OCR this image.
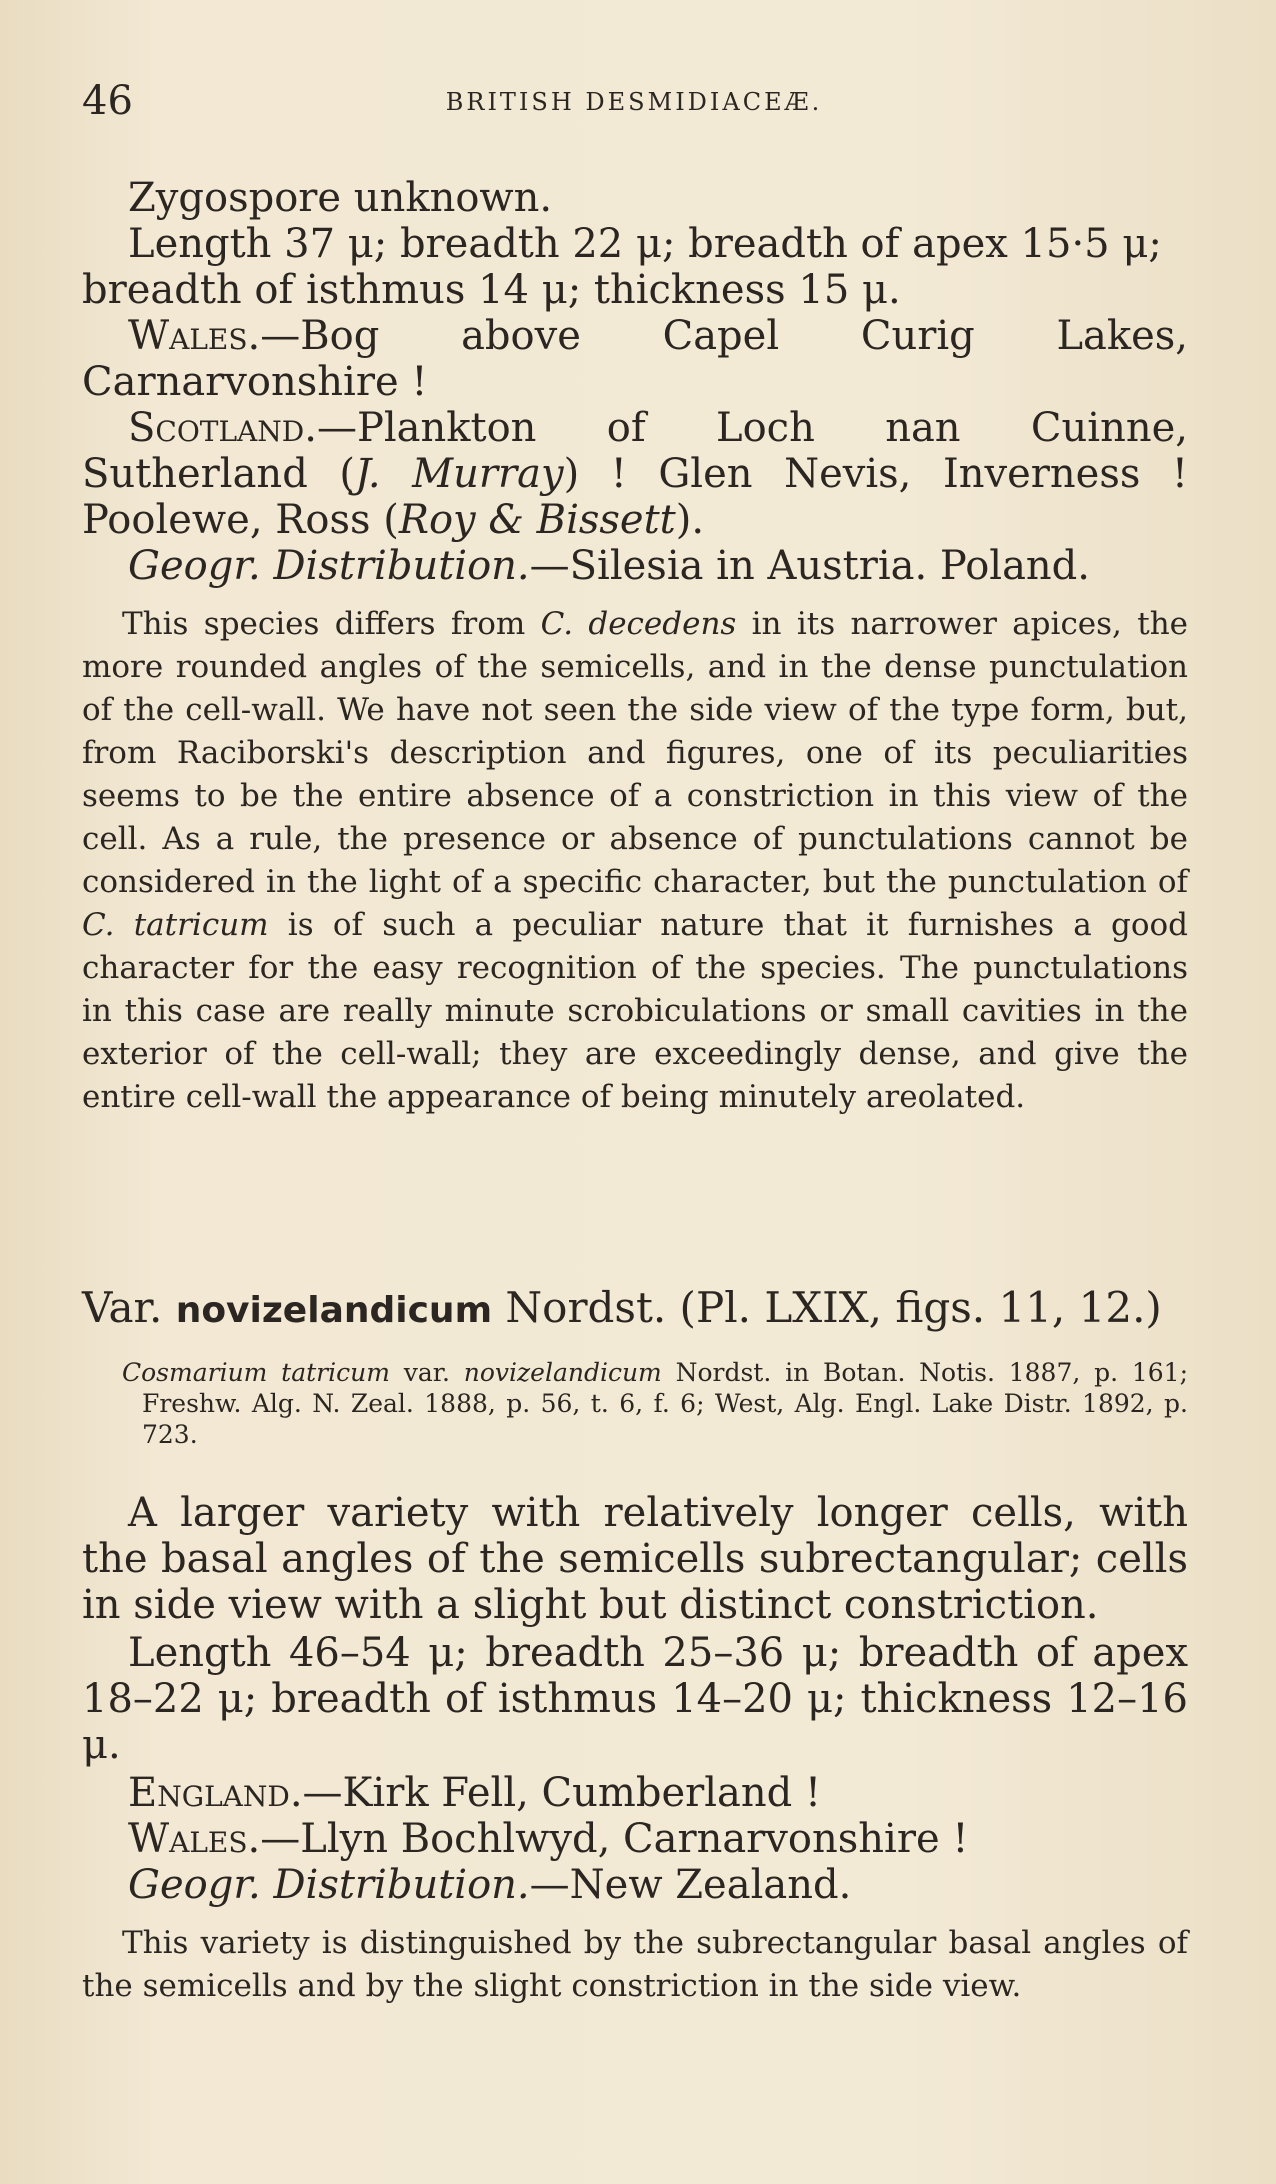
46	BRITISH DESMIDIACEÆ.

Zygospore unknown.

Length 37 μ; breadth 22 μ; breadth of apex 15·5 μ;

breadth of isthmus 14 μ; thickness 15 μ.

Wales.—Bog above Capel Curig Lakes, Carnarvonshire !

Scotland.—Plankton of Loch nan Cuinne, Sutherland (J. Murray) ! Glen Nevis, Inverness ! Poolewe, Ross (Roy & Bissett).

Geogr. Distribution.—Silesia in Austria. Poland.

This species differs from C. decedens in its narrower apices, the more rounded angles of the semicells, and in the dense punctulation of the cell-wall. We have not seen the side view of the type form, but, from Raciborski's description and figures, one of its peculiarities seems to be the entire absence of a constriction in this view of the cell. As a rule, the presence or absence of punctulations cannot be considered in the light of a specific character, but the punctulation of C. tatricum is of such a peculiar nature that it furnishes a good character for the easy recognition of the species. The punctulations in this case are really minute scrobiculations or small cavities in the exterior of the cell-wall; they are exceedingly dense, and give the entire cell-wall the appearance of being minutely areolated.

Var. novizelandicum Nordst. (Pl. LXIX, figs. 11, 12.)

Cosmarium tatricum var. novizelandicum Nordst. in Botan. Notis. 1887, p. 161; Freshw. Alg. N. Zeal. 1888, p. 56, t. 6, f. 6; West, Alg. Engl. Lake Distr. 1892, p. 723.

A larger variety with relatively longer cells, with the basal angles of the semicells subrectangular; cells in side view with a slight but distinct constriction.

Length 46–54 μ; breadth 25–36 μ; breadth of apex 18–22 μ; breadth of isthmus 14–20 μ; thickness 12–16 μ.

England.—Kirk Fell, Cumberland !

Wales.—Llyn Bochlwyd, Carnarvonshire !

Geogr. Distribution.—New Zealand.

This variety is distinguished by the subrectangular basal angles of the semicells and by the slight constriction in the side view.
